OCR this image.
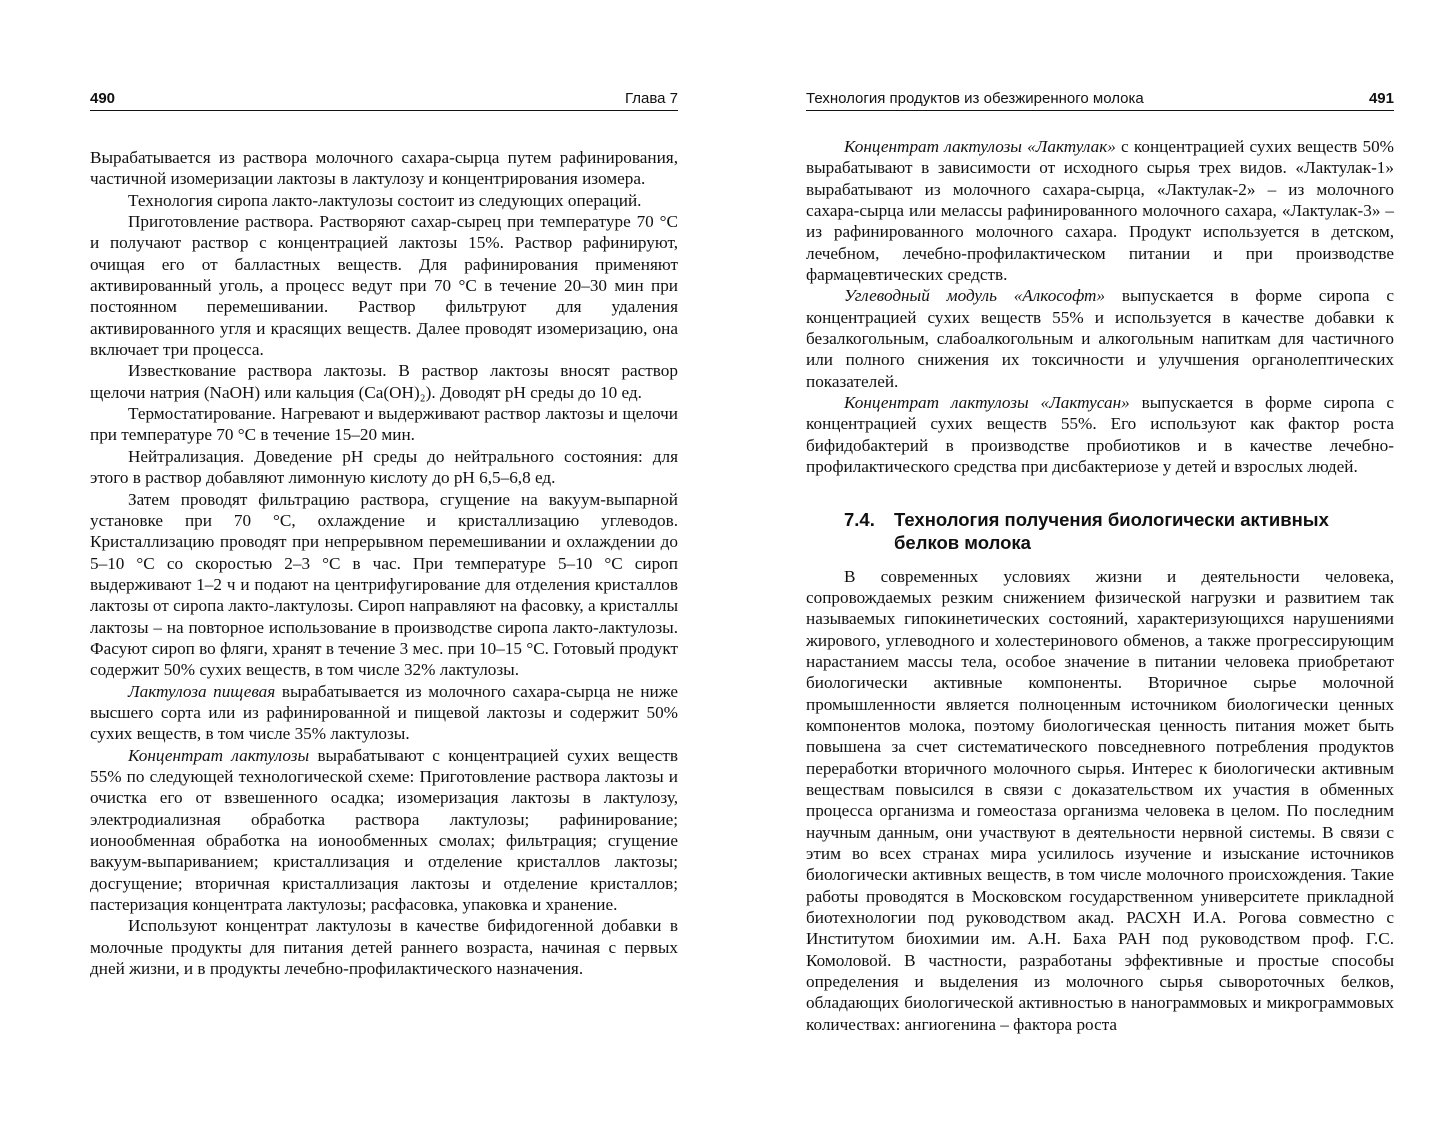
490	Глава 7

Вырабатывается из раствора молочного сахара-сырца путем рафинирования, частичной изомеризации лактозы в лактулозу и концентрирования изомера.

Технология сиропа лакто-лактулозы состоит из следующих операций.

Приготовление раствора. Растворяют сахар-сырец при температуре 70 °С и получают раствор с концентрацией лактозы 15%. Раствор рафинируют, очищая его от балластных веществ. Для рафинирования применяют активированный уголь, а процесс ведут при 70 °С в течение 20–30 мин при постоянном перемешивании. Раствор фильтруют для удаления активированного угля и красящих веществ. Далее проводят изомеризацию, она включает три процесса.

Известкование раствора лактозы. В раствор лактозы вносят раствор щелочи натрия (NaOH) или кальция (Ca(OH)₂). Доводят рН среды до 10 ед.

Термостатирование. Нагревают и выдерживают раствор лактозы и щелочи при температуре 70 °С в течение 15–20 мин.

Нейтрализация. Доведение рН среды до нейтрального состояния: для этого в раствор добавляют лимонную кислоту до рН 6,5–6,8 ед.

Затем проводят фильтрацию раствора, сгущение на вакуум-выпарной установке при 70 °С, охлаждение и кристаллизацию углеводов. Кристаллизацию проводят при непрерывном перемешивании и охлаждении до 5–10 °С со скоростью 2–3 °С в час. При температуре 5–10 °С сироп выдерживают 1–2 ч и подают на центрифугирование для отделения кристаллов лактозы от сиропа лакто-лактулозы. Сироп направляют на фасовку, а кристаллы лактозы – на повторное использование в производстве сиропа лакто-лактулозы. Фасуют сироп во фляги, хранят в течение 3 мес. при 10–15 °С. Готовый продукт содержит 50% сухих веществ, в том числе 32% лактулозы.

Лактулоза пищевая вырабатывается из молочного сахара-сырца не ниже высшего сорта или из рафинированной и пищевой лактозы и содержит 50% сухих веществ, в том числе 35% лактулозы.

Концентрат лактулозы вырабатывают с концентрацией сухих веществ 55% по следующей технологической схеме: Приготовление раствора лактозы и очистка его от взвешенного осадка; изомеризация лактозы в лактулозу, электродиализная обработка раствора лактулозы; рафинирование; ионообменная обработка на ионообменных смолах; фильтрация; сгущение вакуум-выпариванием; кристаллизация и отделение кристаллов лактозы; досгущение; вторичная кристаллизация лактозы и отделение кристаллов; пастеризация концентрата лактулозы; расфасовка, упаковка и хранение.

Используют концентрат лактулозы в качестве бифидогенной добавки в молочные продукты для питания детей раннего возраста, начиная с первых дней жизни, и в продукты лечебно-профилактического назначения.

Технология продуктов из обезжиренного молока	491

Концентрат лактулозы «Лактулак» с концентрацией сухих веществ 50% вырабатывают в зависимости от исходного сырья трех видов. «Лактулак-1» вырабатывают из молочного сахара-сырца, «Лактулак-2» – из молочного сахара-сырца или мелассы рафинированного молочного сахара, «Лактулак-3» – из рафинированного молочного сахара. Продукт используется в детском, лечебном, лечебно-профилактическом питании и при производстве фармацевтических средств.

Углеводный модуль «Алкософт» выпускается в форме сиропа с концентрацией сухих веществ 55% и используется в качестве добавки к безалкогольным, слабоалкогольным и алкогольным напиткам для частичного или полного снижения их токсичности и улучшения органолептических показателей.

Концентрат лактулозы «Лактусан» выпускается в форме сиропа с концентрацией сухих веществ 55%. Его используют как фактор роста бифидобактерий в производстве пробиотиков и в качестве лечебно-профилактического средства при дисбактериозе у детей и взрослых людей.

7.4. Технология получения биологически активных
белков молока

В современных условиях жизни и деятельности человека, сопровождаемых резким снижением физической нагрузки и развитием так называемых гипокинетических состояний, характеризующихся нарушениями жирового, углеводного и холестеринового обменов, а также прогрессирующим нарастанием массы тела, особое значение в питании человека приобретают биологически активные компоненты. Вторичное сырье молочной промышленности является полноценным источником биологически ценных компонентов молока, поэтому биологическая ценность питания может быть повышена за счет систематического повседневного потребления продуктов переработки вторичного молочного сырья. Интерес к биологически активным веществам повысился в связи с доказательством их участия в обменных процесса организма и гомеостаза организма человека в целом. По последним научным данным, они участвуют в деятельности нервной системы. В связи с этим во всех странах мира усилилось изучение и изыскание источников биологически активных веществ, в том числе молочного происхождения. Такие работы проводятся в Московском государственном университете прикладной биотехнологии под руководством акад. РАСХН И.А. Рогова совместно с Институтом биохимии им. А.Н. Баха РАН под руководством проф. Г.С. Комоловой. В частности, разработаны эффективные и простые способы определения и выделения из молочного сырья сывороточных белков, обладающих биологической активностью в нанограммовых и микрограммовых количествах: ангиогенина – фактора роста
